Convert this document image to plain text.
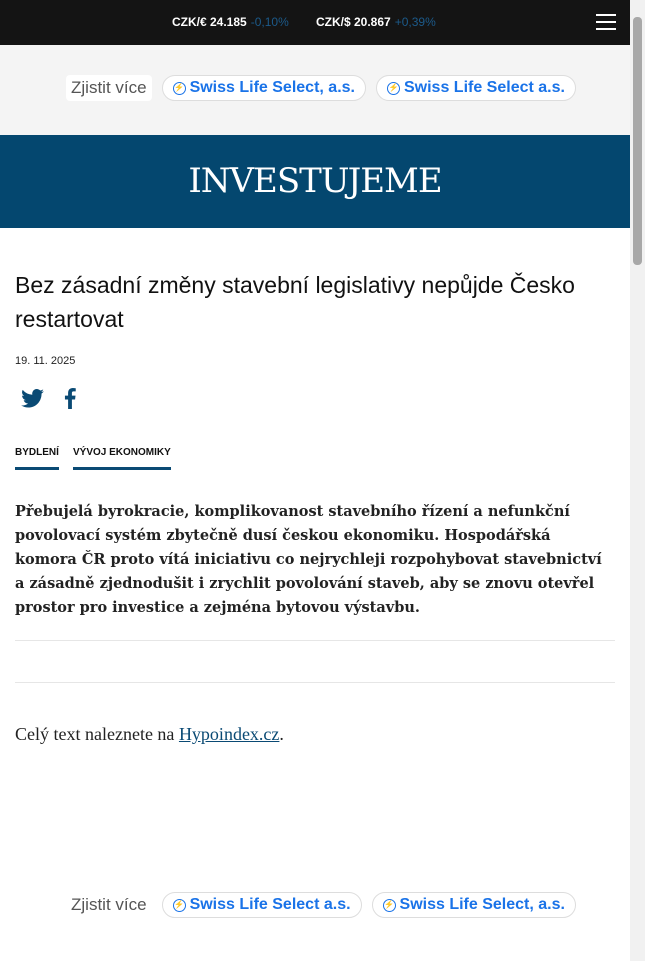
CZK/€ 24.185 -0,10% CZK/$ 20.867 +0,39%
Zjistit více	⚡ Swiss Life Select, a.s.	⚡ Swiss Life Select a.s.
INVESTUJEME
Bez zásadní změny stavební legislativy nepůjde Česko restartovat
19. 11. 2025
BYDLENÍ VÝVOJ EKONOMIKY

Přebujelá byrokracie, komplikovanost stavebního řízení a nefunkční povolovací systém zbytečně dusí českou ekonomiku. Hospodářská komora ČR proto vítá iniciativu co nejrychleji rozpohybovat stavebnictví a zásadně zjednodušit i zrychlit povolování staveb, aby se znovu otevřel prostor pro investice a zejména bytovou výstavbu.

Celý text naleznete na Hypoindex.cz.

Zjistit více	⚡ Swiss Life Select a.s.	⚡ Swiss Life Select, a.s.
